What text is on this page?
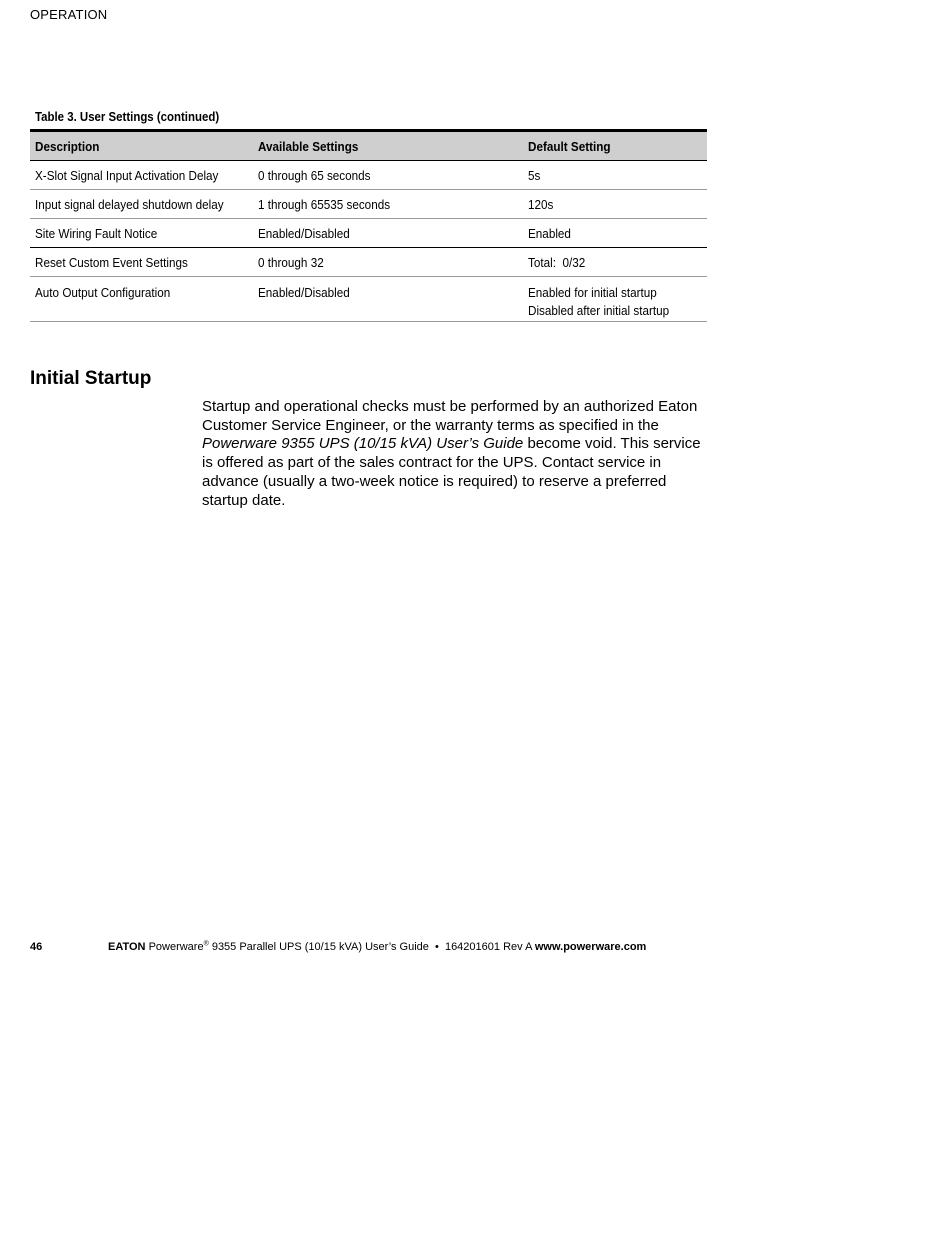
OPERATION
Table 3. User Settings (continued)
Description	Available Settings	Default Setting
X-Slot Signal Input Activation Delay	0 through 65 seconds	5s
Input signal delayed shutdown delay	1 through 65535 seconds	120s
Site Wiring Fault Notice	Enabled/Disabled	Enabled
Reset Custom Event Settings	0 through 32	Total:  0/32
Auto Output Configuration	Enabled/Disabled	Enabled for initial startup
Disabled after initial startup
Initial Startup

Startup and operational checks must be performed by an authorized Eaton Customer Service Engineer, or the warranty terms as specified in the Powerware 9355 UPS (10/15 kVA) User’s Guide become void. This service is offered as part of the sales contract for the UPS. Contact service in advance (usually a two-week notice is required) to reserve a preferred startup date.

46	EATON Powerware® 9355 Parallel UPS (10/15 kVA) User’s Guide  •  164201601 Rev A www.powerware.com
